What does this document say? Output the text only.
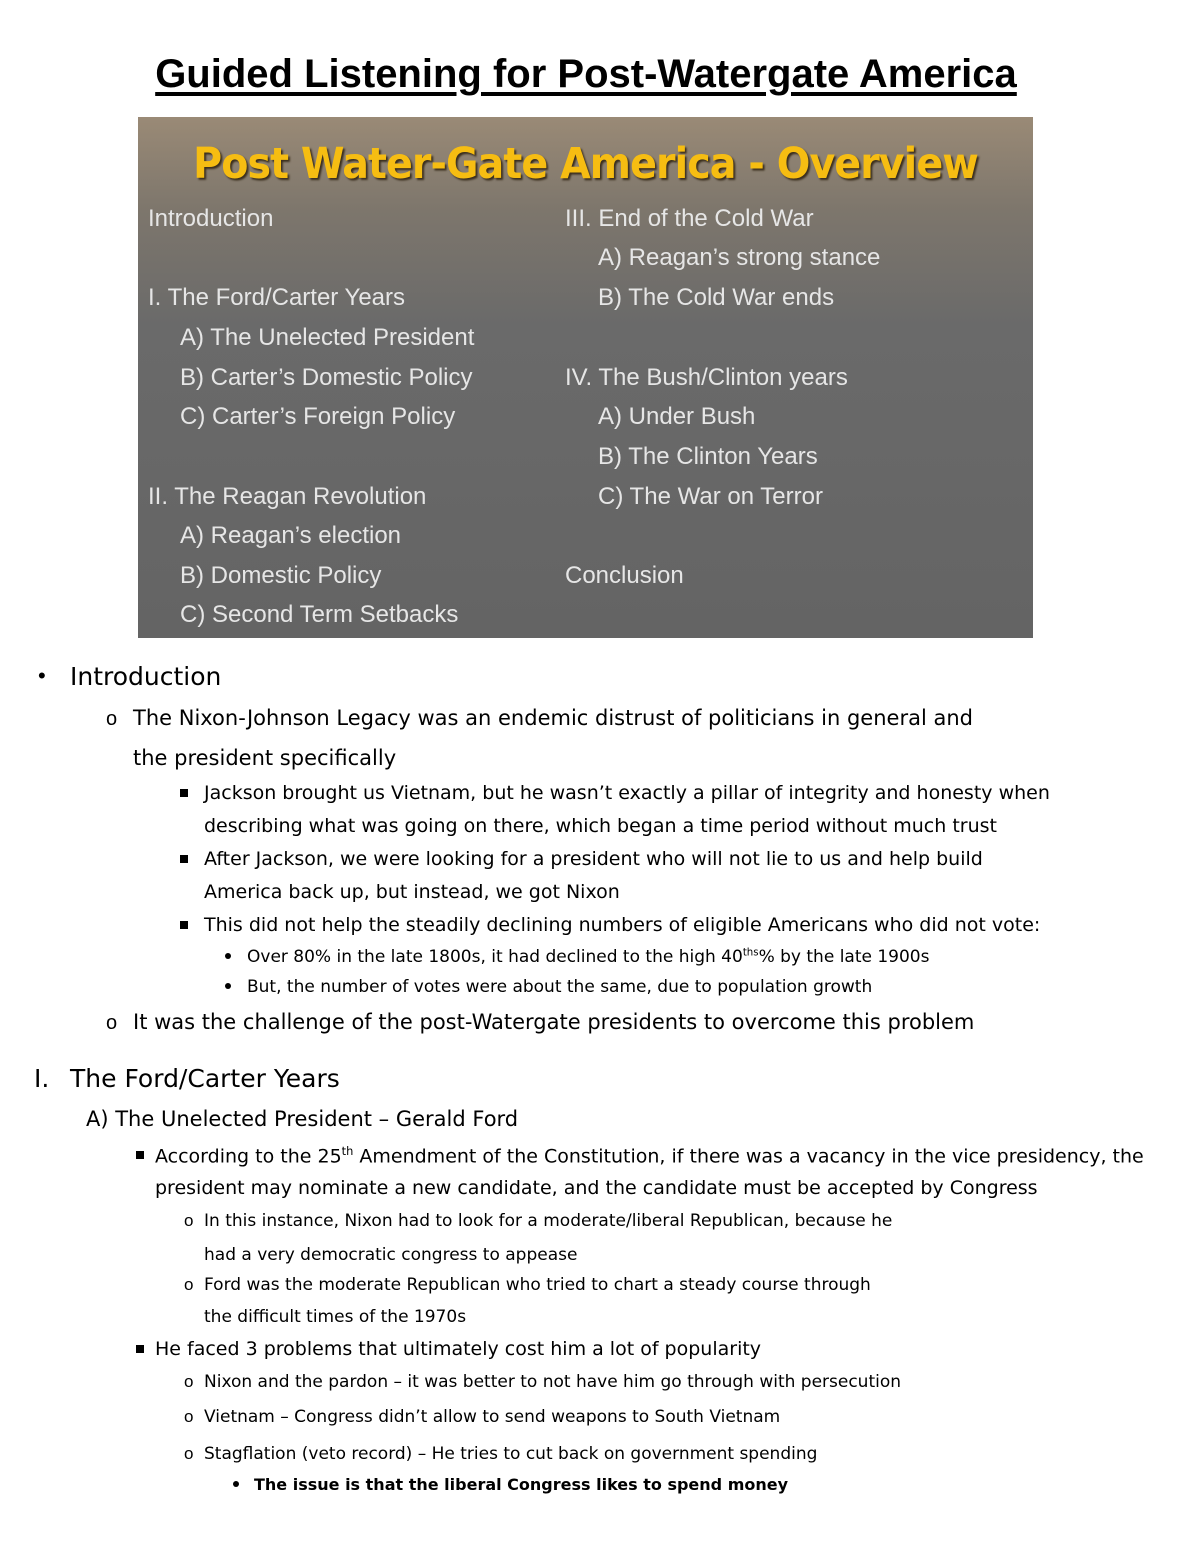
Guided Listening for Post-Watergate America
Post Water-Gate America - Overview
Introduction
I. The Ford/Carter Years
A) The Unelected President
B) Carter’s Domestic Policy
C) Carter’s Foreign Policy
II. The Reagan Revolution
A) Reagan’s election
B) Domestic Policy
C) Second Term Setbacks
III. End of the Cold War
A) Reagan’s strong stance
B) The Cold War ends
IV. The Bush/Clinton years
A) Under Bush
B) The Clinton Years
C) The War on Terror
Conclusion
• Introduction
o The Nixon-Johnson Legacy was an endemic distrust of politicians in general and
the president specifically
Jackson brought us Vietnam, but he wasn’t exactly a pillar of integrity and honesty when
describing what was going on there, which began a time period without much trust
After Jackson, we were looking for a president who will not lie to us and help build
America back up, but instead, we got Nixon
This did not help the steadily declining numbers of eligible Americans who did not vote:
Over 80% in the late 1800s, it had declined to the high $40^{ths}\%$ by the late 1900s
But, the number of votes were about the same, due to population growth
o It was the challenge of the post-Watergate presidents to overcome this problem
I. The Ford/Carter Years
A) The Unelected President – Gerald Ford
According to the 25th Amendment of the Constitution, if there was a vacancy in the vice presidency, the
president may nominate a new candidate, and the candidate must be accepted by Congress
o In this instance, Nixon had to look for a moderate/liberal Republican, because he
had a very democratic congress to appease
o Ford was the moderate Republican who tried to chart a steady course through
the difficult times of the 1970s
He faced 3 problems that ultimately cost him a lot of popularity
o Nixon and the pardon – it was better to not have him go through with persecution
o Vietnam – Congress didn’t allow to send weapons to South Vietnam
o Stagflation (veto record) – He tries to cut back on government spending
The issue is that the liberal Congress likes to spend money
